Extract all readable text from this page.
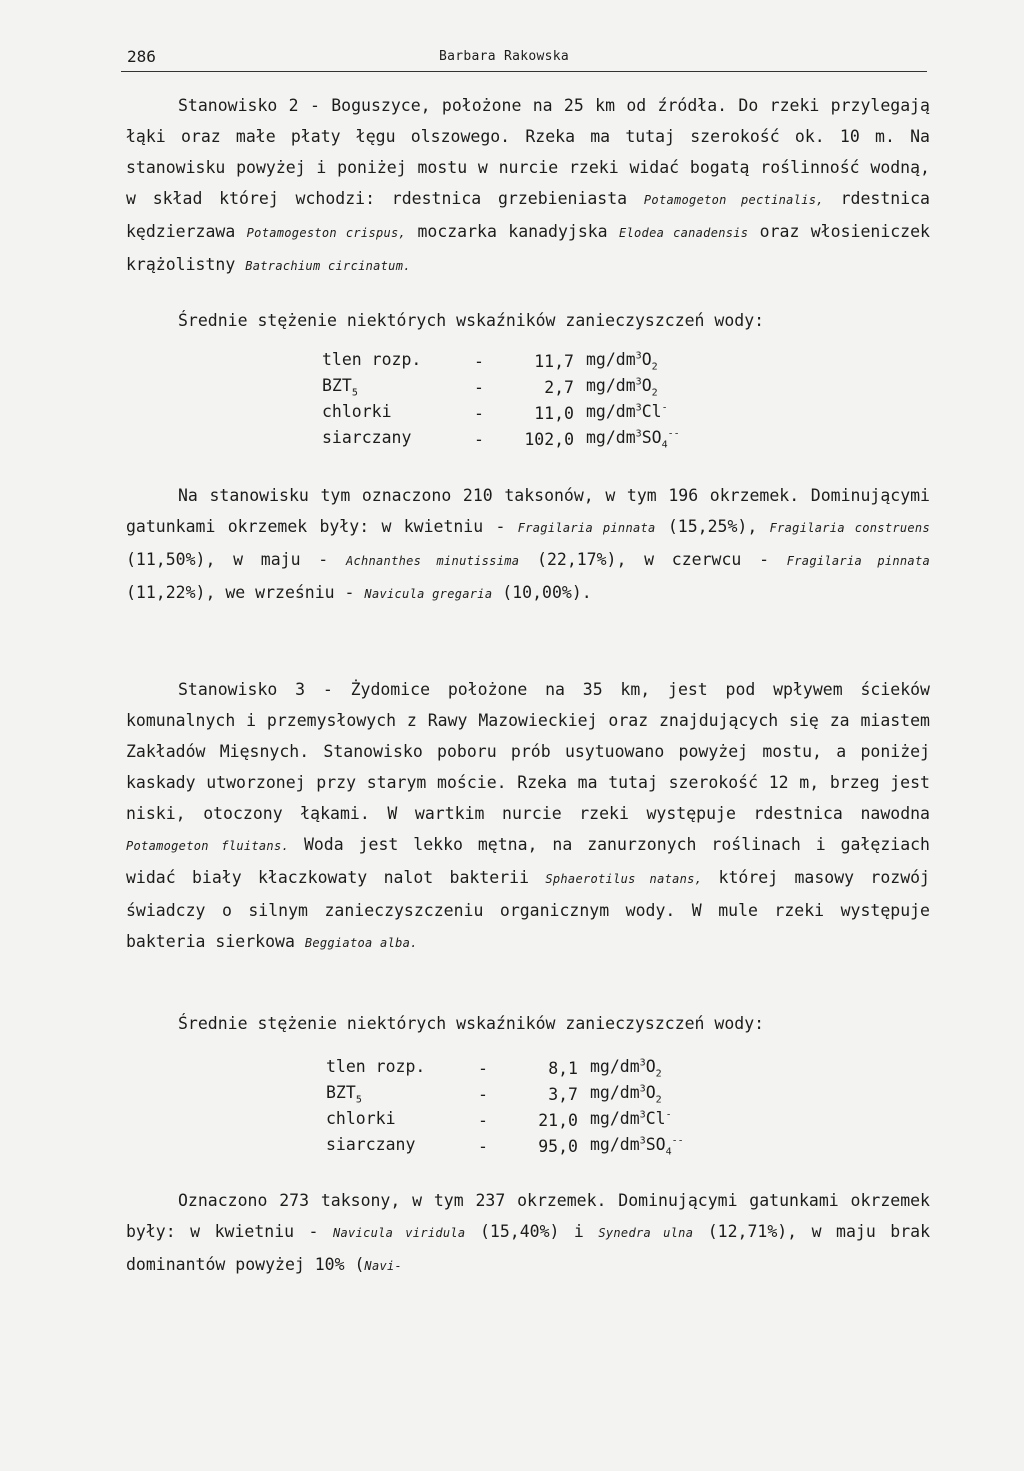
286	Barbara Rakowska
Stanowisko 2 - Boguszyce, położone na 25 km od źródła. Do rzeki przylegają łąki oraz małe płaty łęgu olszowego. Rzeka ma tutaj szerokość ok. 10 m. Na stanowisku powyżej i poniżej mostu w nurcie rzeki widać bogatą roślinność wodną, w skład której wchodzi: rdestnica grzebieniasta Potamogeton pectinalis, rdestnica kędzierzawa Potamogeston crispus, moczarka kanadyjska Elodea canadensis oraz włosieniczek krążolistny Batrachium circinatum.
Średnie stężenie niektórych wskaźników zanieczyszczeń wody:
tlen rozp.	-	11,7	$mg/dm^3O_2$
$BZT_5$	-	2,7	$mg/dm^3O_2$
chlorki	-	11,0	$mg/dm^3Cl^-$
siarczany	-	102,0	$mg/dm^3SO_4^{--}$
Na stanowisku tym oznaczono 210 taksonów, w tym 196 okrzemek. Dominującymi gatunkami okrzemek były: w kwietniu - Fragilaria pinnata (15,25%), Fragilaria construens (11,50%), w maju - Achnanthes minutissima (22,17%), w czerwcu - Fragilaria pinnata (11,22%), we wrześniu - Navicula gregaria (10,00%).
Stanowisko 3 - Żydomice położone na 35 km, jest pod wpływem ścieków komunalnych i przemysłowych z Rawy Mazowieckiej oraz znajdujących się za miastem Zakładów Mięsnych. Stanowisko poboru prób usytuowano powyżej mostu, a poniżej kaskady utworzonej przy starym moście. Rzeka ma tutaj szerokość 12 m, brzeg jest niski, otoczony łąkami. W wartkim nurcie rzeki występuje rdestnica nawodna Potamogeton fluitans. Woda jest lekko mętna, na zanurzonych roślinach i gałęziach widać biały kłaczkowaty nalot bakterii Sphaerotilus natans, której masowy rozwój świadczy o silnym zanieczyszczeniu organicznym wody. W mule rzeki występuje bakteria sierkowa Beggiatoa alba.
Średnie stężenie niektórych wskaźników zanieczyszczeń wody:
tlen rozp.	-	8,1	$mg/dm^3O_2$
$BZT_5$	-	3,7	$mg/dm^3O_2$
chlorki	-	21,0	$mg/dm^3Cl^-$
siarczany	-	95,0	$mg/dm^3SO_4^{--}$
Oznaczono 273 taksony, w tym 237 okrzemek. Dominującymi gatunkami okrzemek były: w kwietniu - Navicula viridula (15,40%) i Synedra ulna (12,71%), w maju brak dominantów powyżej 10% (Navi-
